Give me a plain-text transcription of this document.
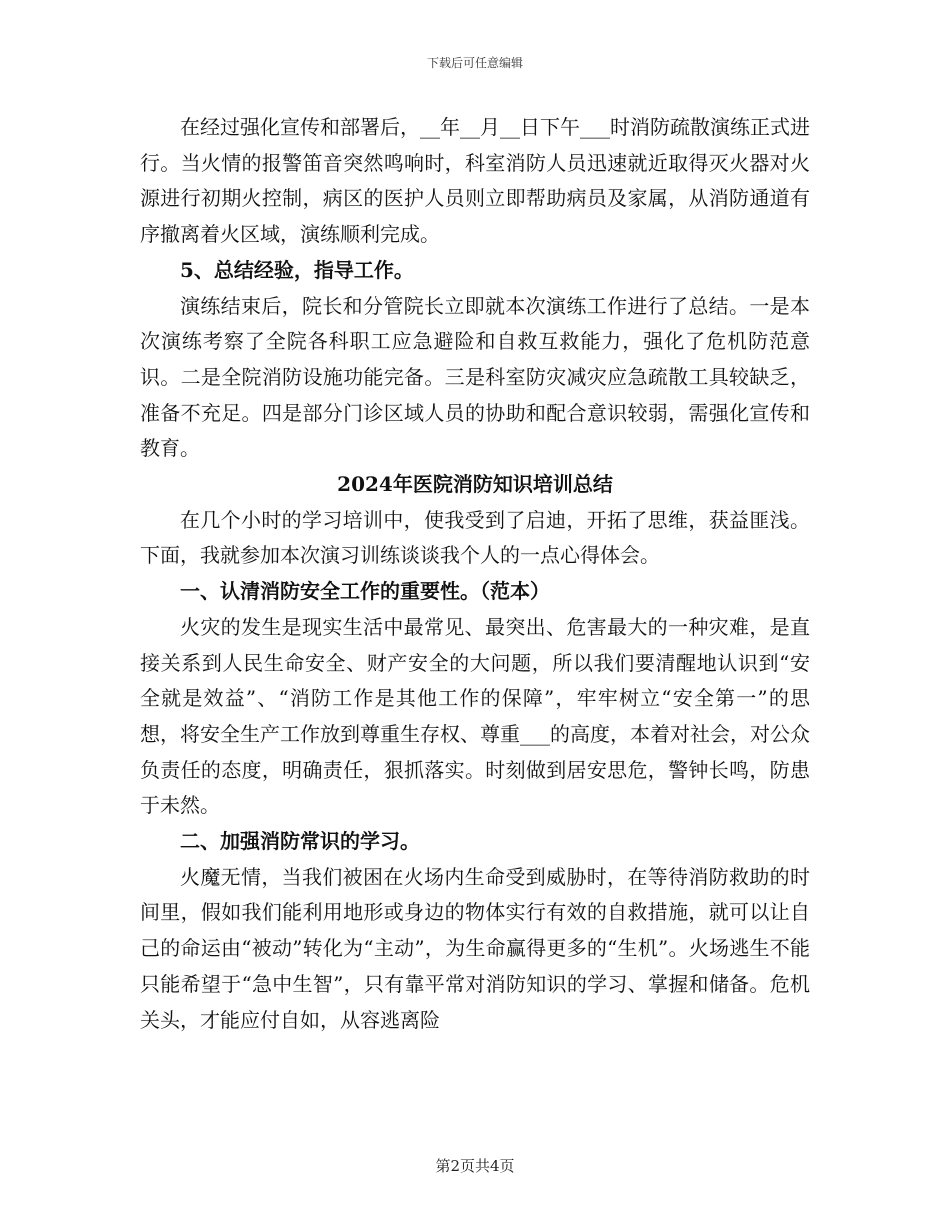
下载后可任意编辑

在经过强化宣传和部署后，__年__月__日下午___时消防疏散演练正式进行。当火情的报警笛音突然鸣响时，科室消防人员迅速就近取得灭火器对火源进行初期火控制，病区的医护人员则立即帮助病员及家属，从消防通道有序撤离着火区域，演练顺利完成。

5、总结经验，指导工作。

演练结束后，院长和分管院长立即就本次演练工作进行了总结。一是本次演练考察了全院各科职工应急避险和自救互救能力，强化了危机防范意识。二是全院消防设施功能完备。三是科室防灾减灾应急疏散工具较缺乏，准备不充足。四是部分门诊区域人员的协助和配合意识较弱，需强化宣传和教育。

2024年医院消防知识培训总结

在几个小时的学习培训中，使我受到了启迪，开拓了思维，获益匪浅。下面，我就参加本次演习训练谈谈我个人的一点心得体会。

一、认清消防安全工作的重要性。（范本）

火灾的发生是现实生活中最常见、最突出、危害最大的一种灾难，是直接关系到人民生命安全、财产安全的大问题，所以我们要清醒地认识到“安全就是效益”、“消防工作是其他工作的保障”，牢牢树立“安全第一”的思想，将安全生产工作放到尊重生存权、尊重___的高度，本着对社会，对公众负责任的态度，明确责任，狠抓落实。时刻做到居安思危，警钟长鸣，防患于未然。

二、加强消防常识的学习。

火魔无情，当我们被困在火场内生命受到威胁时，在等待消防救助的时间里，假如我们能利用地形或身边的物体实行有效的自救措施，就可以让自己的命运由“被动”转化为“主动”，为生命赢得更多的“生机”。火场逃生不能只能希望于“急中生智”，只有靠平常对消防知识的学习、掌握和储备。危机关头，才能应付自如，从容逃离险

第2页共4页
